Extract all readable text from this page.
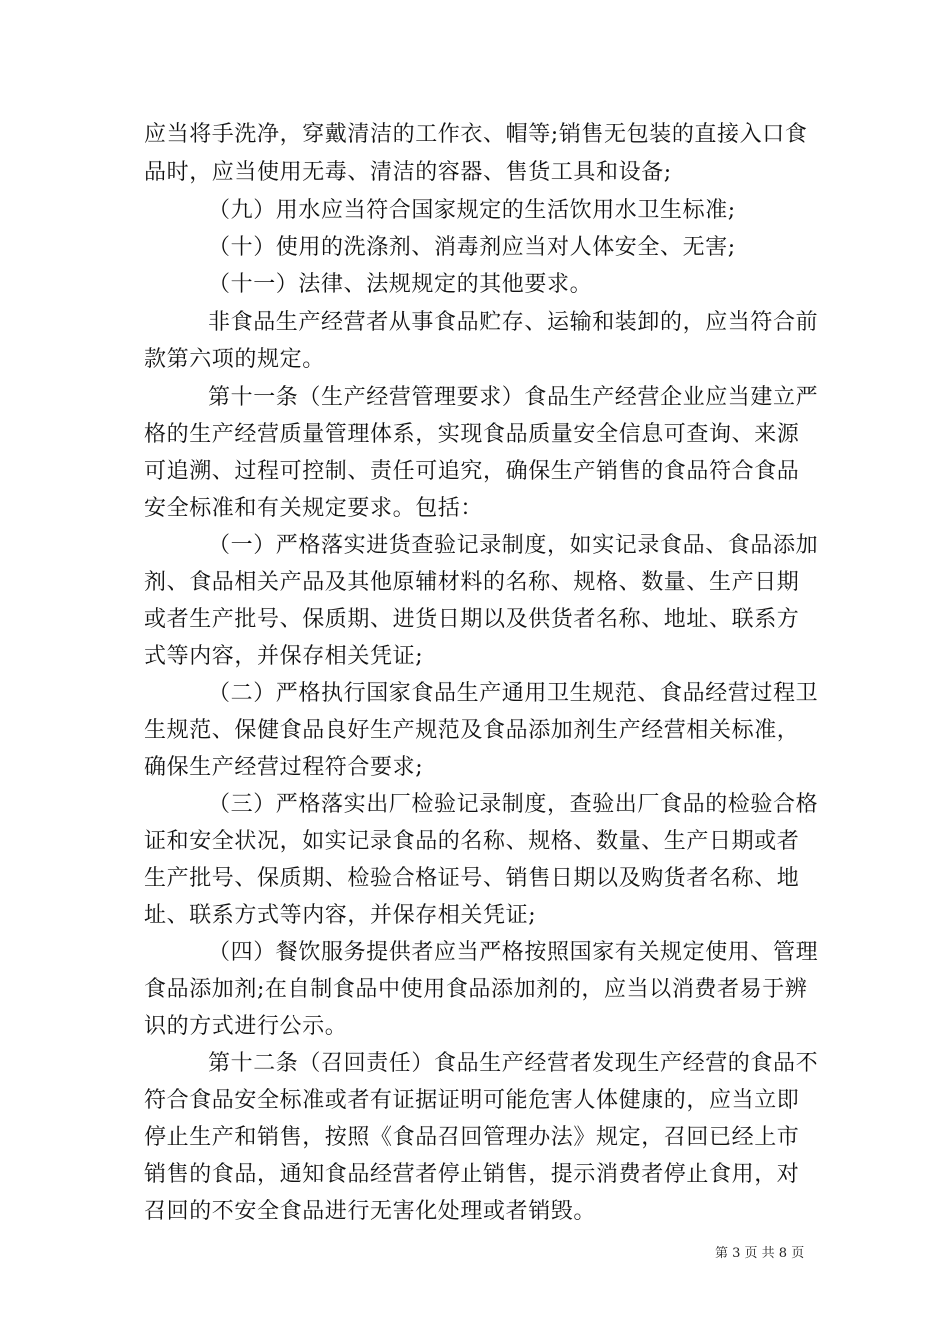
应当将手洗净，穿戴清洁的工作衣、帽等;销售无包装的直接入口食
品时，应当使用无毒、清洁的容器、售货工具和设备;
（九）用水应当符合国家规定的生活饮用水卫生标准;
（十）使用的洗涤剂、消毒剂应当对人体安全、无害;
（十一）法律、法规规定的其他要求。
非食品生产经营者从事食品贮存、运输和装卸的，应当符合前
款第六项的规定。
第十一条（生产经营管理要求）食品生产经营企业应当建立严
格的生产经营质量管理体系，实现食品质量安全信息可查询、来源
可追溯、过程可控制、责任可追究，确保生产销售的食品符合食品
安全标准和有关规定要求。包括：
（一）严格落实进货查验记录制度，如实记录食品、食品添加
剂、食品相关产品及其他原辅材料的名称、规格、数量、生产日期
或者生产批号、保质期、进货日期以及供货者名称、地址、联系方
式等内容，并保存相关凭证;
（二）严格执行国家食品生产通用卫生规范、食品经营过程卫
生规范、保健食品良好生产规范及食品添加剂生产经营相关标准，
确保生产经营过程符合要求;
（三）严格落实出厂检验记录制度，查验出厂食品的检验合格
证和安全状况，如实记录食品的名称、规格、数量、生产日期或者
生产批号、保质期、检验合格证号、销售日期以及购货者名称、地
址、联系方式等内容，并保存相关凭证;
（四）餐饮服务提供者应当严格按照国家有关规定使用、管理
食品添加剂;在自制食品中使用食品添加剂的，应当以消费者易于辨
识的方式进行公示。
第十二条（召回责任）食品生产经营者发现生产经营的食品不
符合食品安全标准或者有证据证明可能危害人体健康的，应当立即
停止生产和销售，按照《食品召回管理办法》规定，召回已经上市
销售的食品，通知食品经营者停止销售，提示消费者停止食用，对
召回的不安全食品进行无害化处理或者销毁。
第 3 页 共 8 页
